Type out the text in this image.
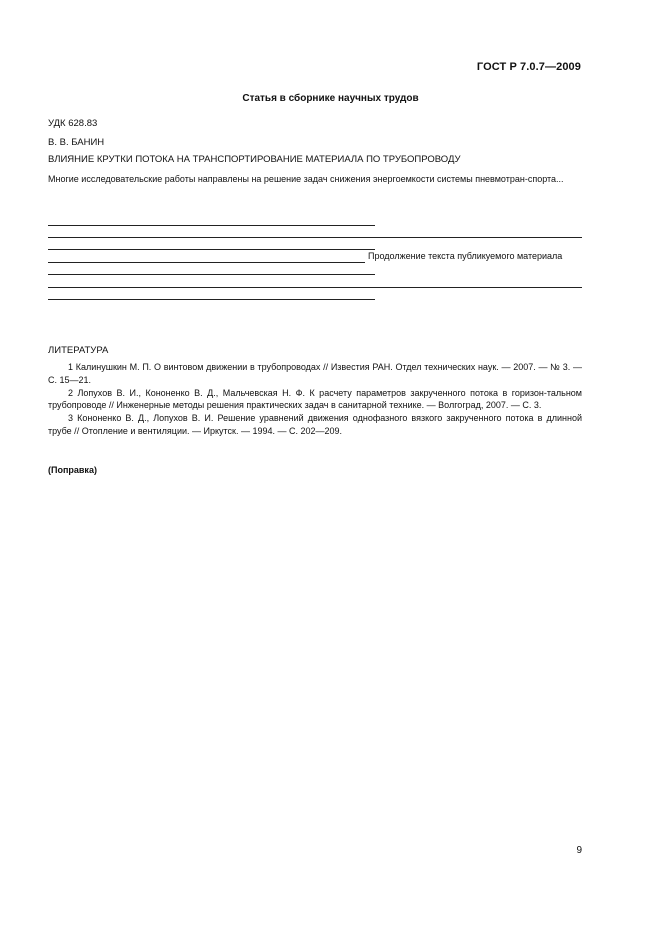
ГОСТ Р 7.0.7—2009
Статья в сборнике научных трудов
УДК 628.83
В. В. БАНИН
ВЛИЯНИЕ КРУТКИ ПОТОКА НА ТРАНСПОРТИРОВАНИЕ МАТЕРИАЛА ПО ТРУБОПРОВОДУ
Многие исследовательские работы направлены на решение задач снижения энергоемкости системы пневмотран-спорта...
Продолжение текста публикуемого материала
ЛИТЕРАТУРА

1 Калинушкин М. П. О винтовом движении в трубопроводах // Известия РАН. Отдел технических наук. — 2007. — № 3. — С. 15—21.

2 Лопухов В. И., Кононенко В. Д., Мальчевская Н. Ф. К расчету параметров закрученного потока в горизон-тальном трубопроводе // Инженерные методы решения практических задач в санитарной технике. — Волгоград, 2007. — С. 3.

3 Кононенко В. Д., Лопухов В. И. Решение уравнений движения однофазного вязкого закрученного потока в длинной трубе // Отопление и вентиляции. — Иркутск. — 1994. — С. 202—209.

(Поправка)
9
